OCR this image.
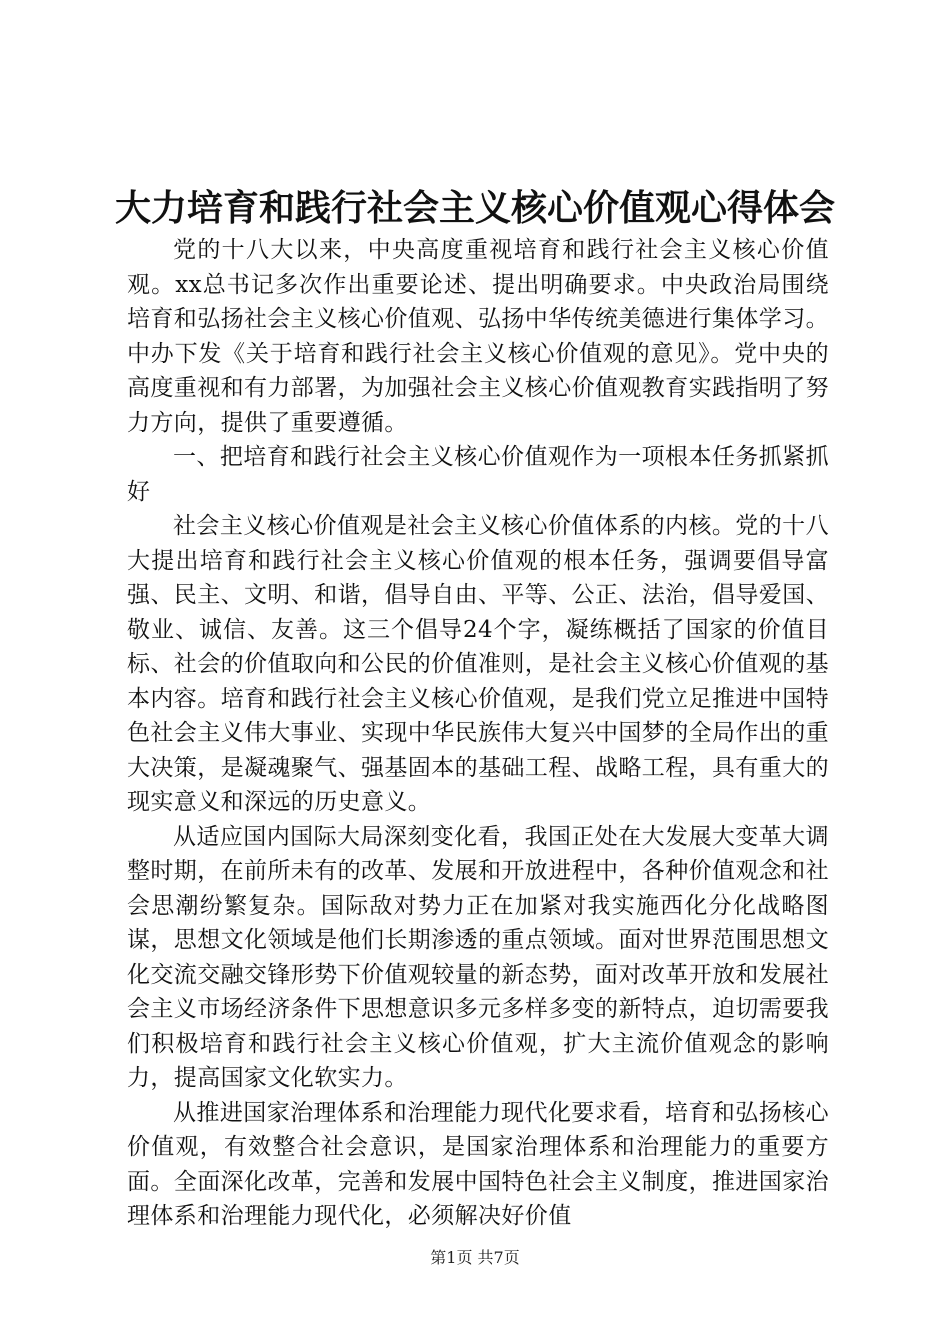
大力培育和践行社会主义核心价值观心得体会

党的十八大以来，中央高度重视培育和践行社会主义核心价值观。xx总书记多次作出重要论述、提出明确要求。中央政治局围绕培育和弘扬社会主义核心价值观、弘扬中华传统美德进行集体学习。中办下发《关于培育和践行社会主义核心价值观的意见》。党中央的高度重视和有力部署，为加强社会主义核心价值观教育实践指明了努力方向，提供了重要遵循。

一、把培育和践行社会主义核心价值观作为一项根本任务抓紧抓好

社会主义核心价值观是社会主义核心价值体系的内核。党的十八大提出培育和践行社会主义核心价值观的根本任务，强调要倡导富强、民主、文明、和谐，倡导自由、平等、公正、法治，倡导爱国、敬业、诚信、友善。这三个倡导24个字，凝练概括了国家的价值目标、社会的价值取向和公民的价值准则，是社会主义核心价值观的基本内容。培育和践行社会主义核心价值观，是我们党立足推进中国特色社会主义伟大事业、实现中华民族伟大复兴中国梦的全局作出的重大决策，是凝魂聚气、强基固本的基础工程、战略工程，具有重大的现实意义和深远的历史意义。

从适应国内国际大局深刻变化看，我国正处在大发展大变革大调整时期，在前所未有的改革、发展和开放进程中，各种价值观念和社会思潮纷繁复杂。国际敌对势力正在加紧对我实施西化分化战略图谋，思想文化领域是他们长期渗透的重点领域。面对世界范围思想文化交流交融交锋形势下价值观较量的新态势，面对改革开放和发展社会主义市场经济条件下思想意识多元多样多变的新特点，迫切需要我们积极培育和践行社会主义核心价值观，扩大主流价值观念的影响力，提高国家文化软实力。

从推进国家治理体系和治理能力现代化要求看，培育和弘扬核心价值观，有效整合社会意识，是国家治理体系和治理能力的重要方面。全面深化改革，完善和发展中国特色社会主义制度，推进国家治理体系和治理能力现代化，必须解决好价值

第1页 共7页
